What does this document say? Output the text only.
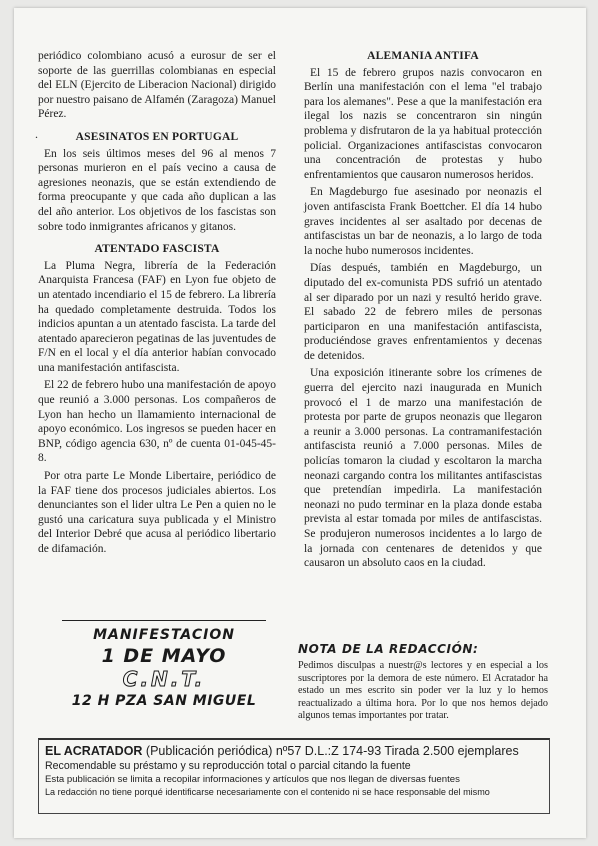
.

periódico colombiano acusó a eurosur de ser el soporte de las guerrillas colombianas en especial del ELN (Ejercito de Liberacion Nacional) dirigido por nuestro paisano de Alfamén (Zaragoza) Manuel Pérez.

ASESINATOS EN PORTUGAL

En los seis últimos meses del 96 al menos 7 personas murieron en el país vecino a causa de agresiones neonazis, que se están extendiendo de forma preocupante y que cada año duplican a las del año anterior. Los objetivos de los fascistas son sobre todo inmigrantes africanos y gitanos.

ATENTADO FASCISTA

La Pluma Negra, librería de la Federación Anarquista Francesa (FAF) en Lyon fue objeto de un atentado incendiario el 15 de febrero. La librería ha quedado completamente destruida. Todos los indicios apuntan a un atentado fascista. La tarde del atentado aparecieron pegatinas de las juventudes de F/N en el local y el día anterior habían convocado una manifestación antifascista.

El 22 de febrero hubo una manifestación de apoyo que reunió a 3.000 personas. Los compañeros de Lyon han hecho un llamamiento internacional de apoyo económico. Los ingresos se pueden hacer en BNP, código agencia 630, nº de cuenta 01-045-45-8.

Por otra parte Le Monde Libertaire, periódico de la FAF tiene dos procesos judiciales abiertos. Los denunciantes son el lider ultra Le Pen a quien no le gustó una caricatura suya publicada y el Ministro del Interior Debré que acusa al periódico libertario de difamación.

ALEMANIA ANTIFA

El 15 de febrero grupos nazis convocaron en Berlín una manifestación con el lema "el trabajo para los alemanes". Pese a que la manifestación era ilegal los nazis se concentraron sin ningún problema y disfrutaron de la ya habitual protección policial. Organizaciones antifascistas convocaron una concentración de protestas y hubo enfrentamientos que causaron numerosos heridos.

En Magdeburgo fue asesinado por neonazis el joven antifascista Frank Boettcher. El día 14 hubo graves incidentes al ser asaltado por decenas de antifascistas un bar de neonazis, a lo largo de toda la noche hubo numerosos incidentes.

Días después, también en Magdeburgo, un diputado del ex-comunista PDS sufrió un atentado al ser diparado por un nazi y resultó herido grave. El sabado 22 de febrero miles de personas participaron en una manifestación antifascista, produciéndose graves enfrentamientos y decenas de detenidos.

Una exposición itinerante sobre los crímenes de guerra del ejercito nazi inaugurada en Munich provocó el 1 de marzo una manifestación de protesta por parte de grupos neonazis que llegaron a reunir a 3.000 personas. La contramanifestación antifascista reunió a 7.000 personas. Miles de policías tomaron la ciudad y escoltaron la marcha neonazi cargando contra los militantes antifascistas que pretendían impedirla. La manifestación neonazi no pudo terminar en la plaza donde estaba prevista al estar tomada por miles de antifascistas. Se produjeron numerosos incidentes a lo largo de la jornada con centenares de detenidos y que causaron un absoluto caos en la ciudad.

MANIFESTACION
1 DE MAYO
C.N.T.
12 H PZA SAN MIGUEL
NOTA DE LA REDACCIÓN:
Pedimos disculpas a nuestr@s lectores y en especial a los suscriptores por la demora de este número. El Acratador ha estado un mes escrito sin poder ver la luz y lo hemos reactualizado a última hora. Por lo que nos hemos dejado algunos temas importantes por tratar.
EL ACRATADOR (Publicación periódica) nº57 D.L.:Z 174-93 Tirada 2.500 ejemplares
Recomendable su préstamo y su reproducción total o parcial citando la fuente
Esta publicación se limita a recopilar informaciones y artículos que nos llegan de diversas fuentes
La redacción no tiene porqué identificarse necesariamente con el contenido ni se hace responsable del mismo
